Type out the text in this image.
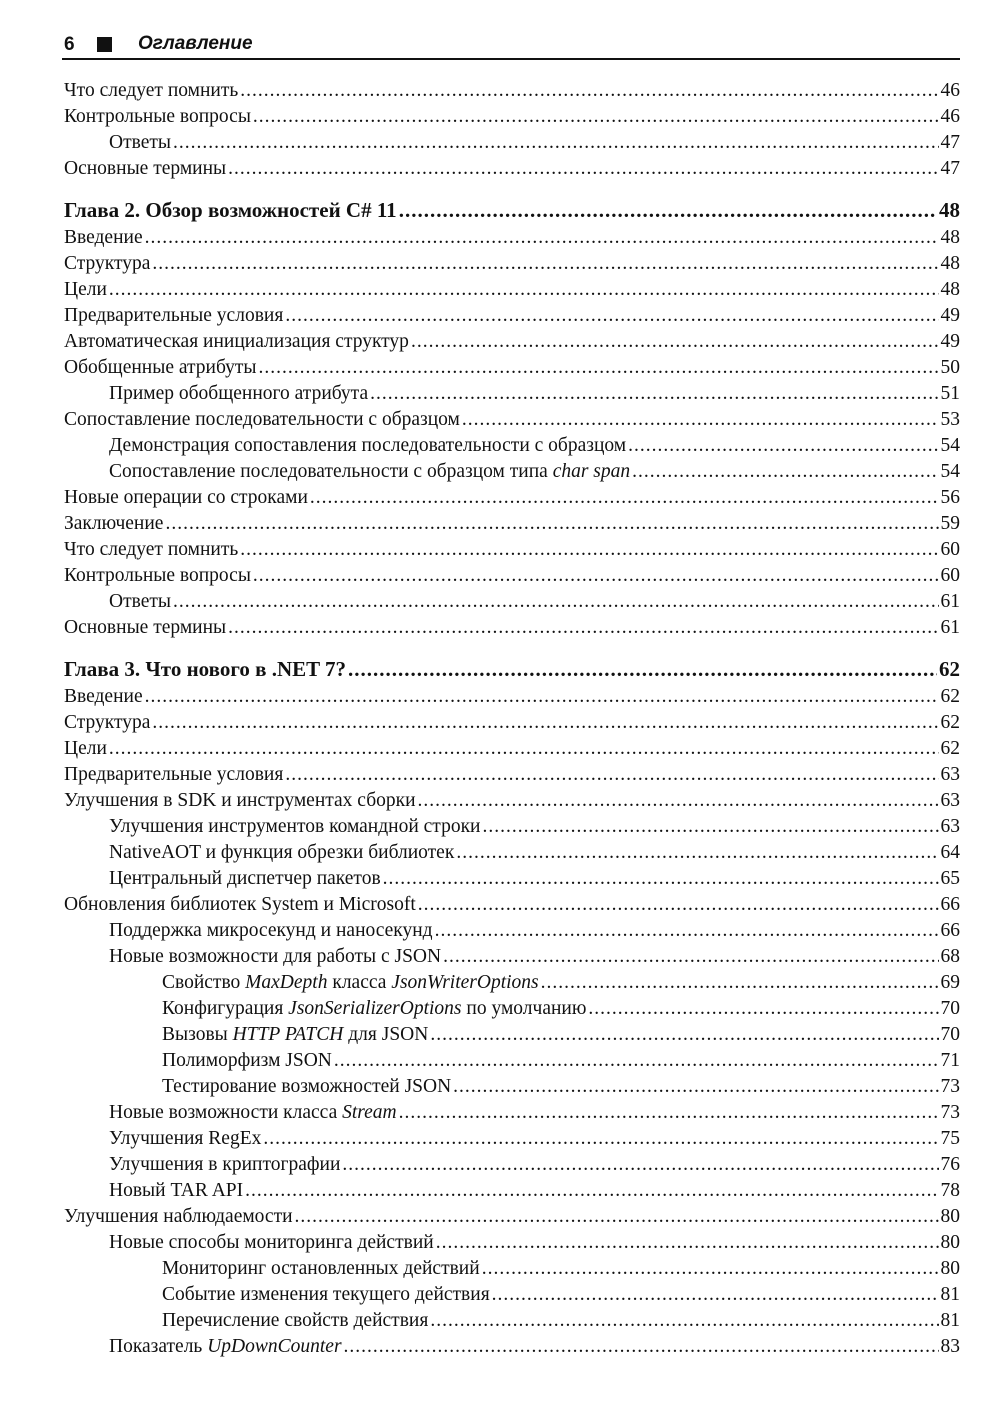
6	Оглавление
Что следует помнить .....	46
Контрольные вопросы .....	46
Ответы .....	47
Основные термины .....	47
Глава 2. Обзор возможностей C# 11 .....	48
Введение .....	48
Структура .....	48
Цели .....	48
Предварительные условия .....	49
Автоматическая инициализация структур .....	49
Обобщенные атрибуты .....	50
Пример обобщенного атрибута .....	51
Сопоставление последовательности с образцом .....	53
Демонстрация сопоставления последовательности с образцом .....	54
Сопоставление последовательности с образцом типа char span .....	54
Новые операции со строками .....	56
Заключение .....	59
Что следует помнить .....	60
Контрольные вопросы .....	60
Ответы .....	61
Основные термины .....	61
Глава 3. Что нового в .NET 7? .....	62
Введение .....	62
Структура .....	62
Цели .....	62
Предварительные условия .....	63
Улучшения в SDK и инструментах сборки .....	63
Улучшения инструментов командной строки .....	63
NativeAOT и функция обрезки библиотек .....	64
Центральный диспетчер пакетов .....	65
Обновления библиотек System и Microsoft .....	66
Поддержка микросекунд и наносекунд .....	66
Новые возможности для работы с JSON .....	68
Свойство MaxDepth класса JsonWriterOptions .....	69
Конфигурация JsonSerializerOptions по умолчанию .....	70
Вызовы HTTP PATCH для JSON .....	70
Полиморфизм JSON .....	71
Тестирование возможностей JSON .....	73
Новые возможности класса Stream .....	73
Улучшения RegEx .....	75
Улучшения в криптографии .....	76
Новый TAR API .....	78
Улучшения наблюдаемости .....	80
Новые способы мониторинга действий .....	80
Мониторинг остановленных действий .....	80
Событие изменения текущего действия .....	81
Перечисление свойств действия .....	81
Показатель UpDownCounter .....	83
